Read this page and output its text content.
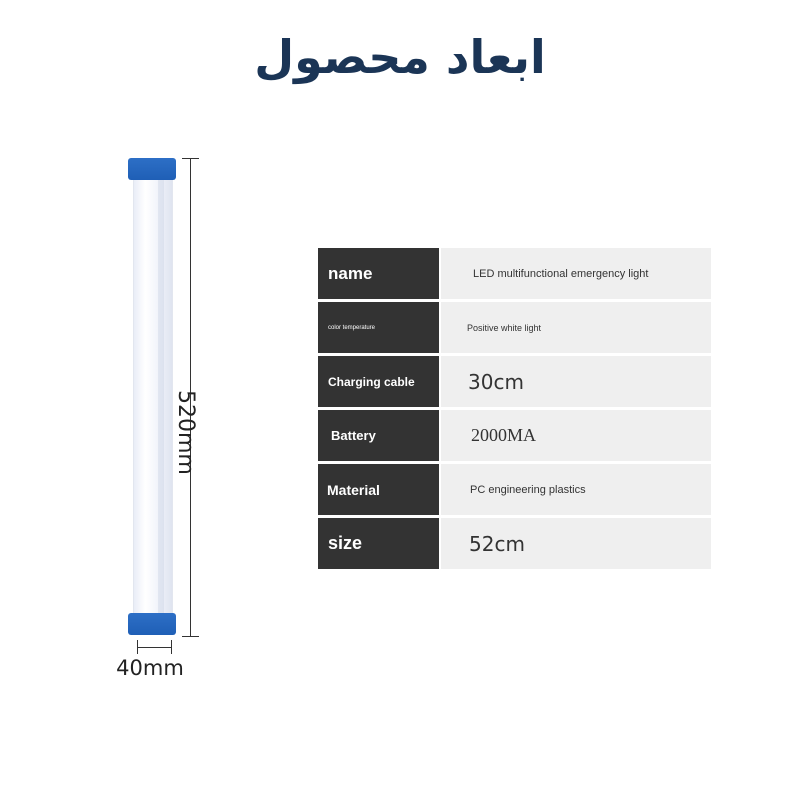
ابعاد محصول
520mm
40mm
name	LED multifunctional emergency light
color temperature	Positive white light
Charging cable	30cm
Battery	2000MA
Material	PC engineering plastics
size	52cm
